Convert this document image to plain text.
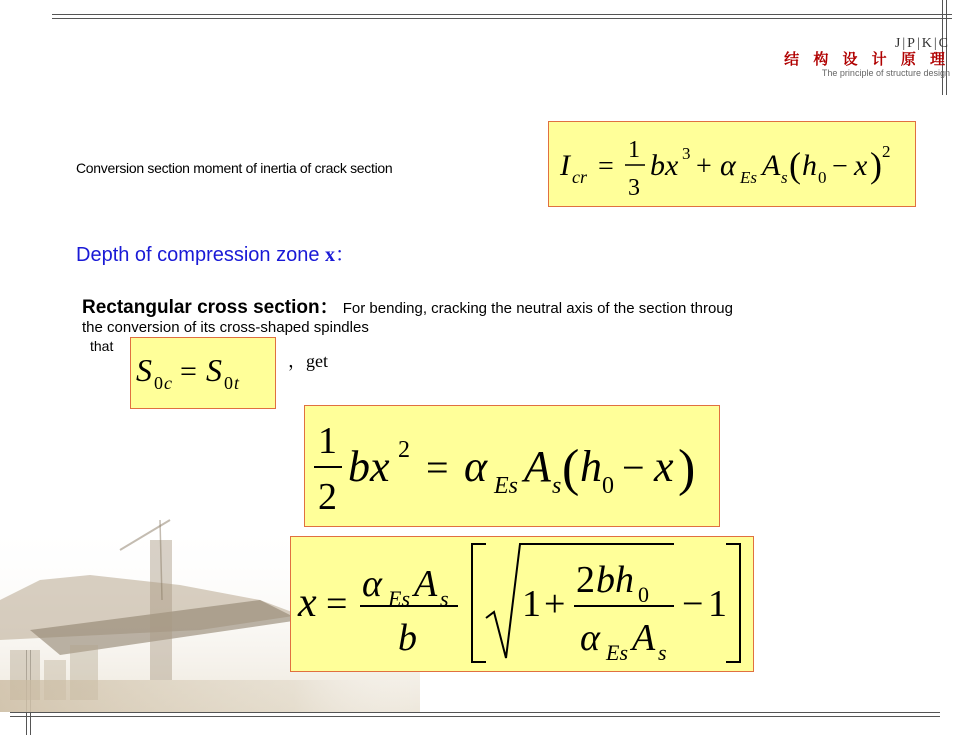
J|P|K|C
结 构 设 计 原 理
The principle of structure design
Conversion section moment of inertia of crack section	I cr =
1
3
bx 3 + α Es A s ( h 0 − x ) 2
Depth of compression zone x：
Rectangular cross section： For bending, cracking the neutral axis of the section throug
the conversion of its cross-shaped spindles
that
S 0 c = S 0 t
，get
1
2
bx 2 = α Es A s ( h 0 − x )
x = α Es A s
b
1 +
2 bh 0
α Es A s
− 1
